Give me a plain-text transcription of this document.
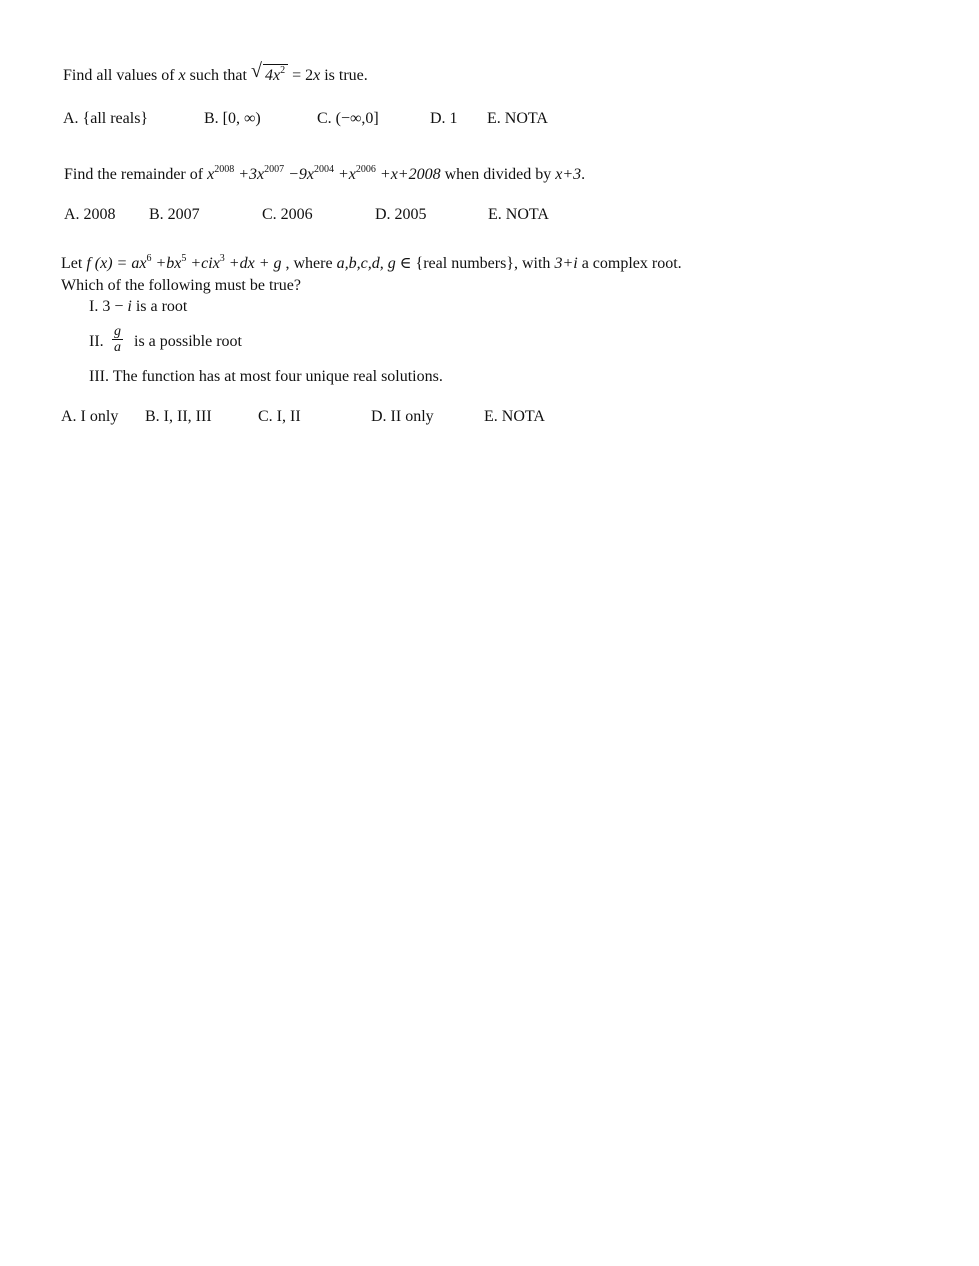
Find all values of x such that √ $4x^2 = 2x$ is true.
A. {all reals}	B. [0, ∞)	C. (−∞,0]	D. 1 E. NOTA
Find the remainder of $x^{2008} +3x^{2007} -9x^{2004} +x^{2006} +x+2008$ when divided by x+3.
A. 2008 B. 2007	C. 2006	D. 2005	E. NOTA
Let f $(x) = ax^6 +bx^5 +cix^3 +dx + g$ , where a,b,c,d, g ∈ {real numbers}, with 3+i a complex root.
Which of the following must be true?
I. 3 − i is a root
II. $\frac{g}{a}$ is a possible root
III. The function has at most four unique real solutions.
A. I only B. I, II, III	C. I, II	D. II only	E. NOTA
